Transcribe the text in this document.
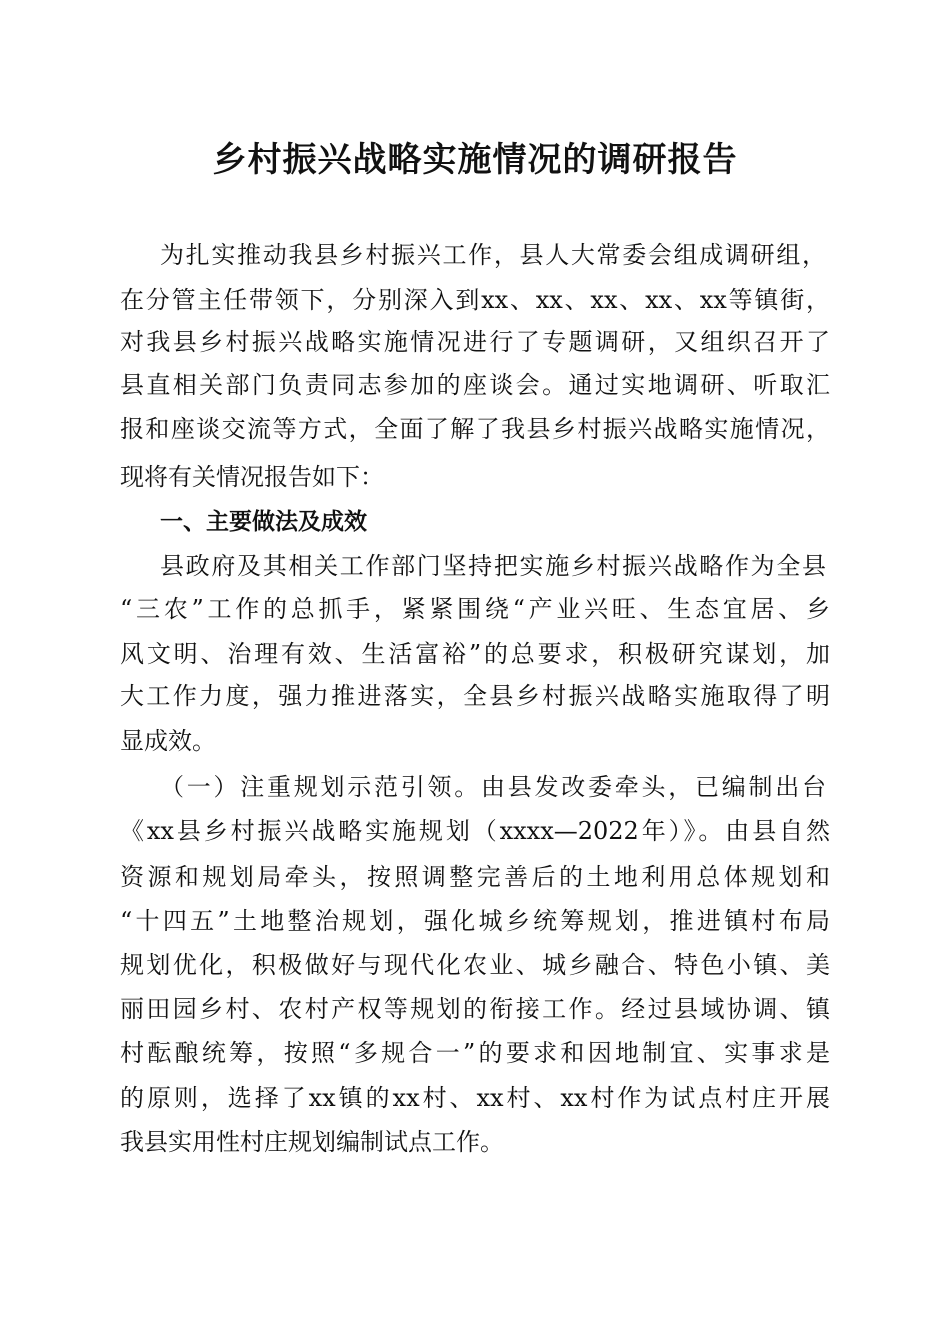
乡村振兴战略实施情况的调研报告
为扎实推动我县乡村振兴工作，县人大常委会组成调研组，
在分管主任带领下，分别深入到xx、xx、xx、xx、xx等镇街，
对我县乡村振兴战略实施情况进行了专题调研，又组织召开了
县直相关部门负责同志参加的座谈会。通过实地调研、听取汇
报和座谈交流等方式，全面了解了我县乡村振兴战略实施情况，
现将有关情况报告如下：
一、主要做法及成效
县政府及其相关工作部门坚持把实施乡村振兴战略作为全县
“三农”工作的总抓手，紧紧围绕“产业兴旺、生态宜居、乡
风文明、治理有效、生活富裕”的总要求，积极研究谋划，加
大工作力度，强力推进落实，全县乡村振兴战略实施取得了明
显成效。
（一）注重规划示范引领。由县发改委牵头，已编制出台
《xx县乡村振兴战略实施规划（xxxx—2022年）》。由县自然
资源和规划局牵头，按照调整完善后的土地利用总体规划和
“十四五”土地整治规划，强化城乡统筹规划，推进镇村布局
规划优化，积极做好与现代化农业、城乡融合、特色小镇、美
丽田园乡村、农村产权等规划的衔接工作。经过县域协调、镇
村酝酿统筹，按照“多规合一”的要求和因地制宜、实事求是
的原则，选择了xx镇的xx村、xx村、xx村作为试点村庄开展
我县实用性村庄规划编制试点工作。
